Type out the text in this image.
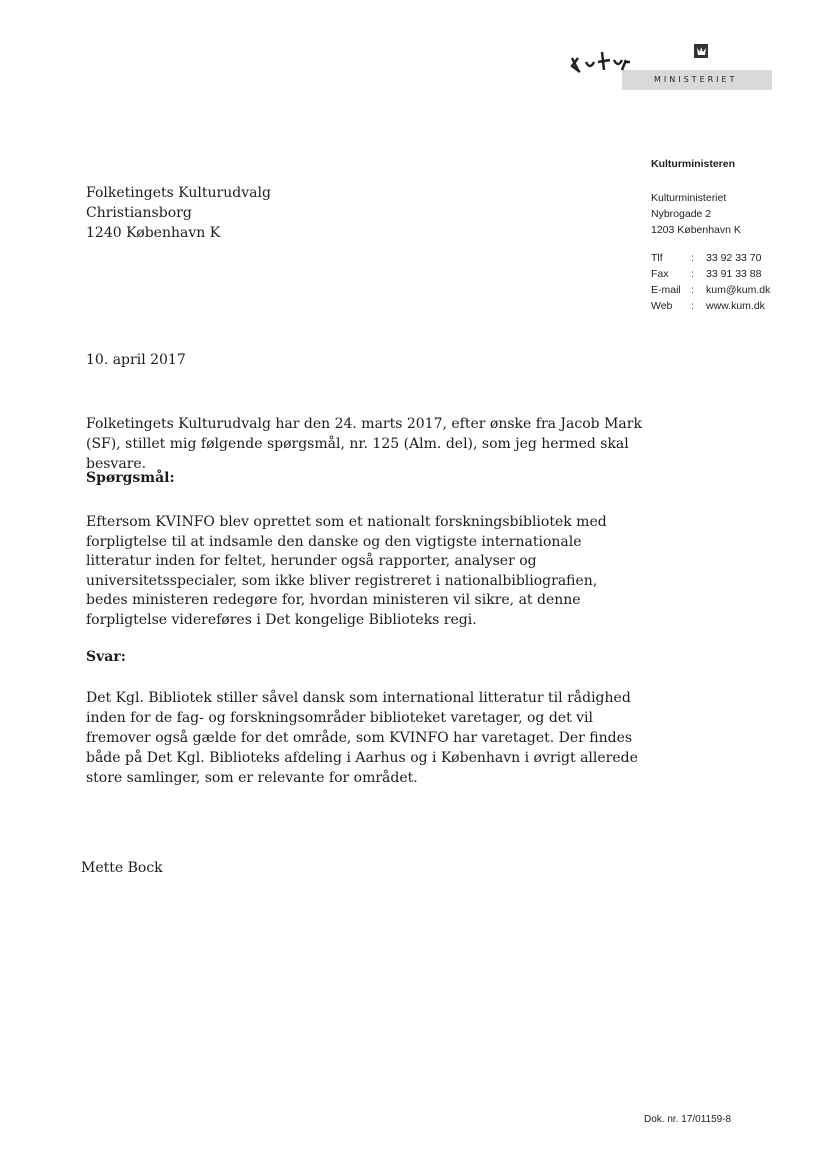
MINISTERIET
Kulturministeren
Kulturministeriet
Nybrogade 2
1203 København K
Tlf	:	33 92 33 70
Fax	:	33 91 33 88
E-mail :	kum@kum.dk
Web	:	www.kum.dk
Folketingets Kulturudvalg
Christiansborg
1240 København K
10. april 2017
Folketingets Kulturudvalg har den 24. marts 2017, efter ønske fra Jacob Mark (SF), stillet mig følgende spørgsmål, nr. 125 (Alm. del), som jeg hermed skal besvare.
Spørgsmål:
Eftersom KVINFO blev oprettet som et nationalt forskningsbibliotek med forpligtelse til at indsamle den danske og den vigtigste internationale litteratur inden for feltet, herunder også rapporter, analyser og universitetsspecialer, som ikke bliver registreret i nationalbibliografien, bedes ministeren redegøre for, hvordan ministeren vil sikre, at denne forpligtelse videreføres i Det kongelige Biblioteks regi.
Svar:
Det Kgl. Bibliotek stiller såvel dansk som international litteratur til rådighed inden for de fag- og forskningsområder biblioteket varetager, og det vil fremover også gælde for det område, som KVINFO har varetaget. Der findes både på Det Kgl. Biblioteks afdeling i Aarhus og i København i øvrigt allerede store samlinger, som er relevante for området.
Mette Bock
Dok. nr. 17/01159-8
